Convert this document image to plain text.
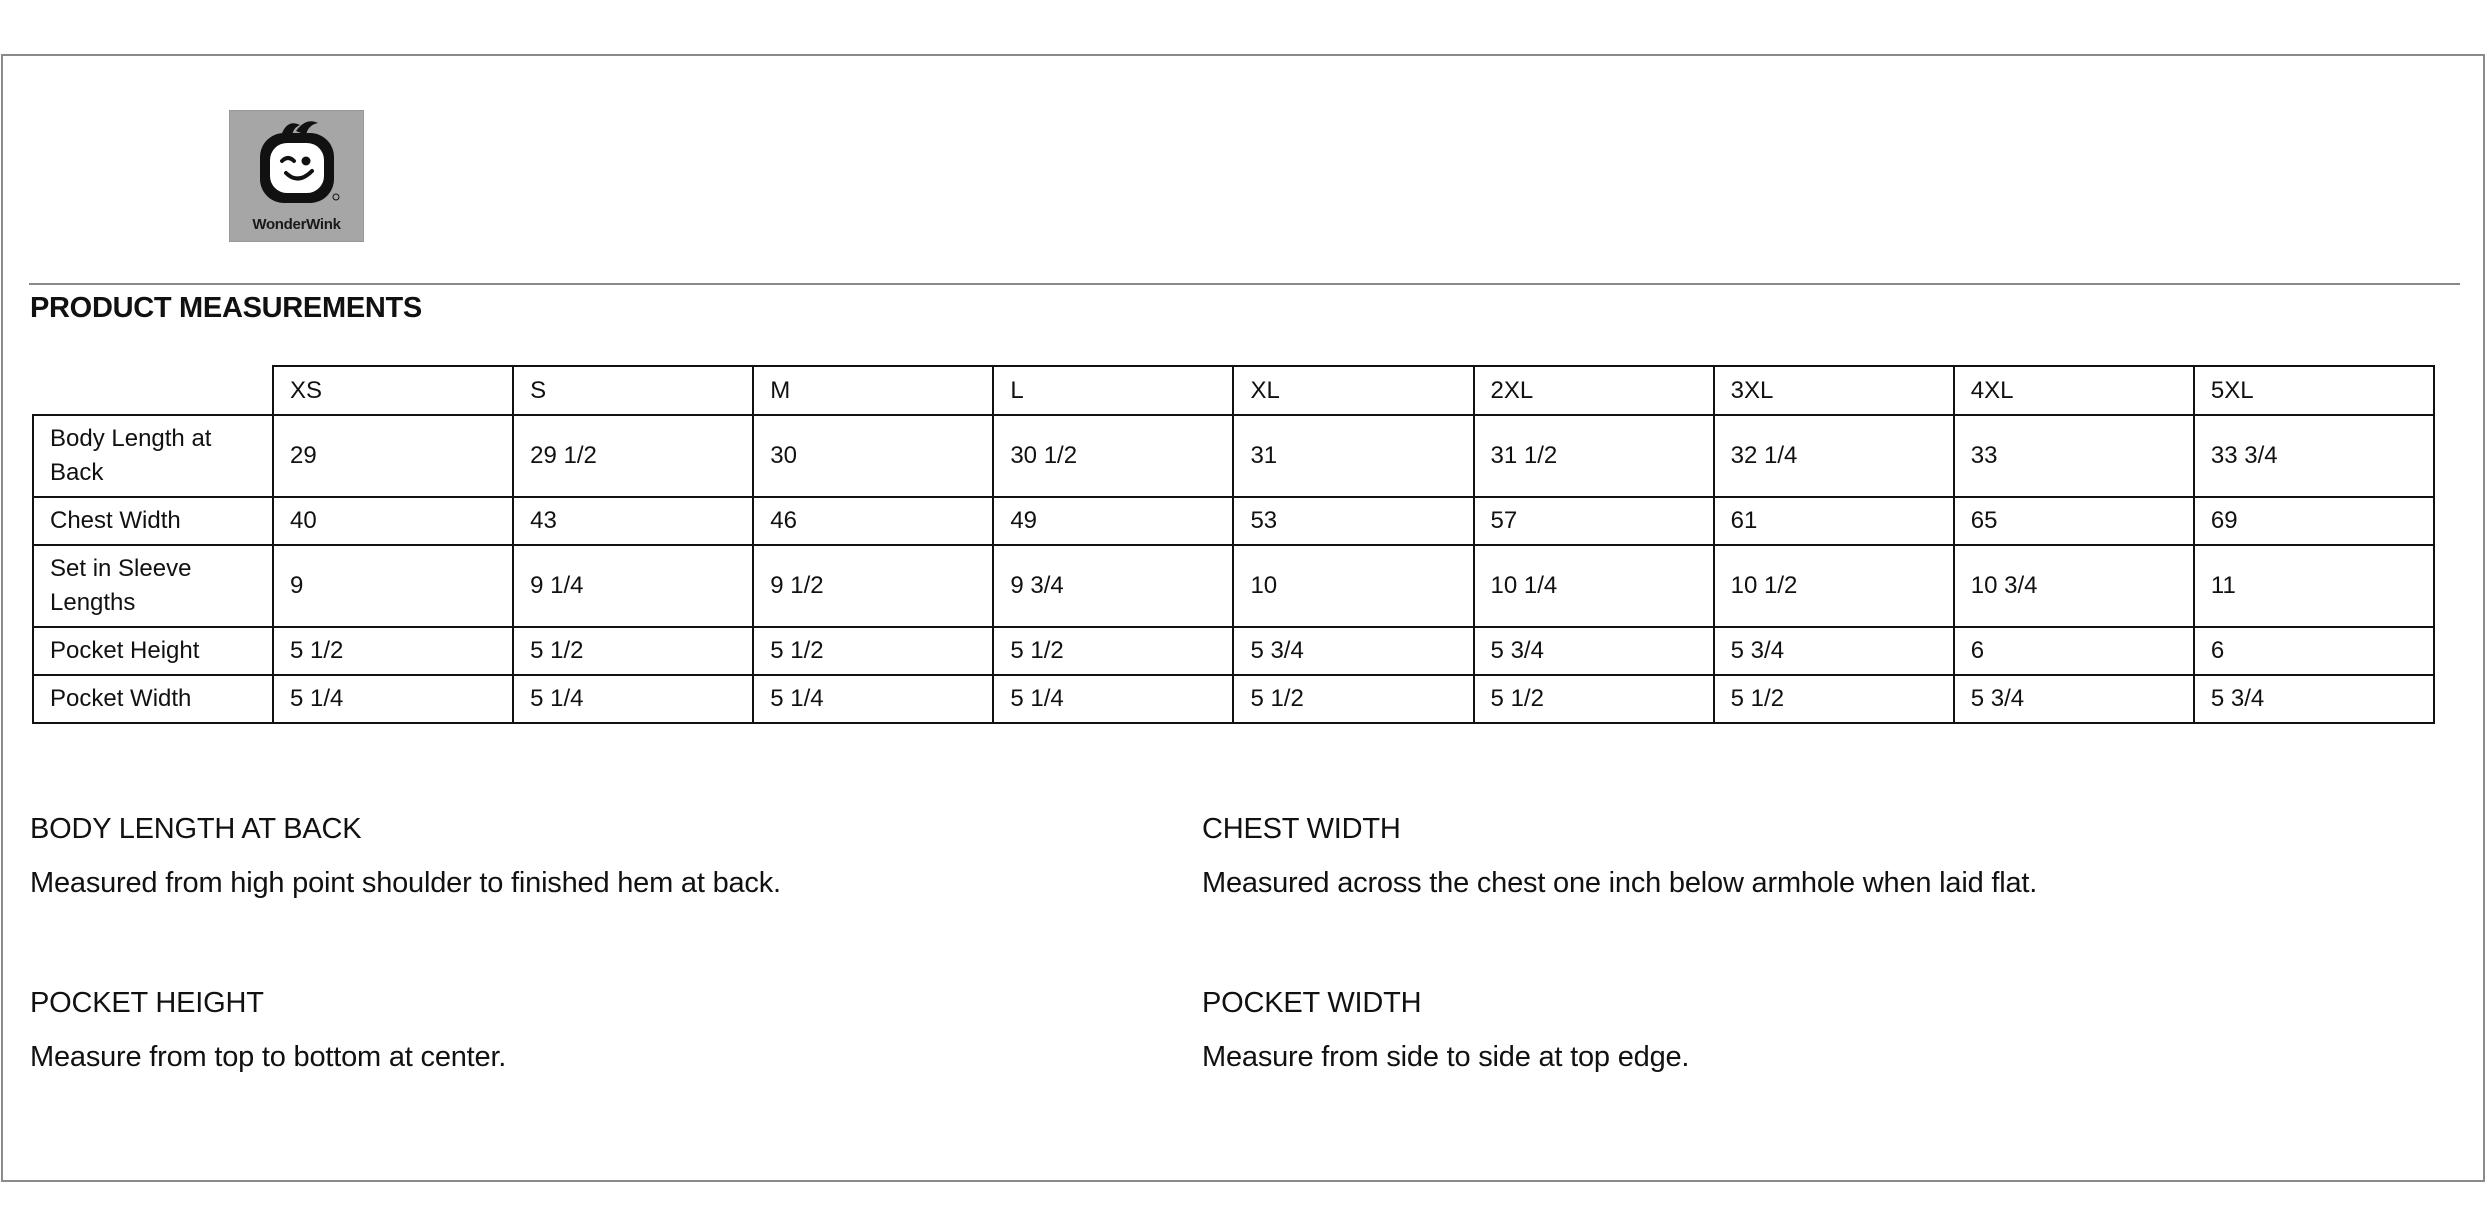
WonderWink
PRODUCT MEASUREMENTS
	XS	S	M	L	XL	2XL	3XL	4XL	5XL
Body Length at Back	29	29 1/2	30	30 1/2	31	31 1/2	32 1/4	33	33 3/4
Chest Width	40	43	46	49	53	57	61	65	69
Set in Sleeve Lengths	9	9 1/4	9 1/2	9 3/4	10	10 1/4	10 1/2	10 3/4	11
Pocket Height	5 1/2	5 1/2	5 1/2	5 1/2	5 3/4	5 3/4	5 3/4	6	6
Pocket Width	5 1/4	5 1/4	5 1/4	5 1/4	5 1/2	5 1/2	5 1/2	5 3/4	5 3/4
BODY LENGTH AT BACK
Measured from high point shoulder to finished hem at back.
CHEST WIDTH
Measured across the chest one inch below armhole when laid flat.
POCKET HEIGHT
Measure from top to bottom at center.
POCKET WIDTH
Measure from side to side at top edge.
